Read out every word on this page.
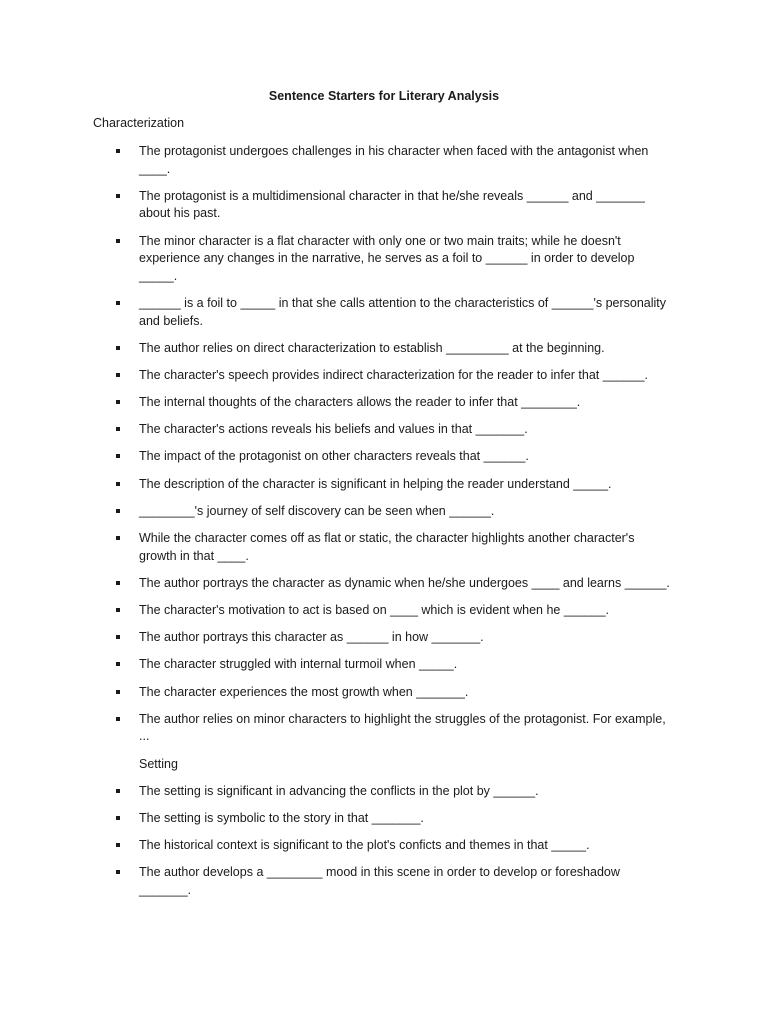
Sentence Starters for Literary Analysis
Characterization
The protagonist undergoes challenges in his character when faced with the antagonist when ____.
The protagonist is a multidimensional character in that he/she reveals ______ and _______ about his past.
The minor character is a flat character with only one or two main traits; while he doesn't experience any changes in the narrative, he serves as a foil to ______ in order to develop _____.
______ is a foil to _____ in that she calls attention to the characteristics of ______'s personality and beliefs.
The author relies on direct characterization to establish _________ at the beginning.
The character's speech provides indirect characterization for the reader to infer that ______.
The internal thoughts of the characters allows the reader to infer that ________.
The character's actions reveals his beliefs and values in that _______.
The impact of the protagonist on other characters reveals that ______.
The description of the character is significant in helping the reader understand _____.
________'s journey of self discovery can be seen when ______.
While the character comes off as flat or static, the character highlights another character's growth in that ____.
The author portrays the character as dynamic when he/she undergoes ____ and learns ______.
The character's motivation to act is based on ____ which is evident when he ______.
The author portrays this character as ______ in how _______.
The character struggled with internal turmoil when _____.
The character experiences the most growth when _______.
The author relies on minor characters to highlight the struggles of the protagonist. For example, ...
Setting
The setting is significant in advancing the conflicts in the plot by ______.
The setting is symbolic to the story in that _______.
The historical context is significant to the plot's conficts and themes in that _____.
The author develops a ________ mood in this scene in order to develop or foreshadow _______.
